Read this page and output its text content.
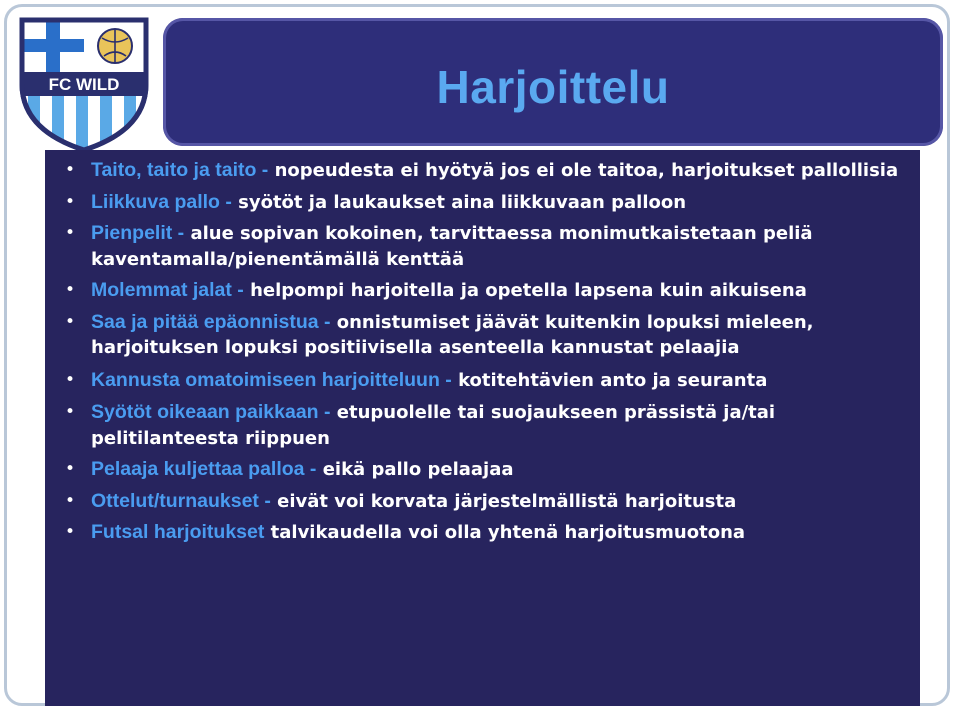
FC WILD	Harjoittelu
• Taito, taito ja taito - nopeudesta ei hyötyä jos ei ole taitoa, harjoitukset pallollisia
• Liikkuva pallo - syötöt ja laukaukset aina liikkuvaan palloon
• Pienpelit - alue sopivan kokoinen, tarvittaessa monimutkaistetaan peliä kaventamalla/pienentämällä kenttää
• Molemmat jalat - helpompi harjoitella ja opetella lapsena kuin aikuisena
• Saa ja pitää epäonnistua - onnistumiset jäävät kuitenkin lopuksi mieleen, harjoituksen lopuksi positiivisella asenteella kannustat pelaajia
• Kannusta omatoimiseen harjoitteluun - kotitehtävien anto ja seuranta
• Syötöt oikeaan paikkaan - etupuolelle tai suojaukseen prässistä ja/tai pelitilanteesta riippuen
• Pelaaja kuljettaa palloa - eikä pallo pelaajaa
• Ottelut/turnaukset - eivät voi korvata järjestelmällistä harjoitusta
• Futsal harjoitukset talvikaudella voi olla yhtenä harjoitusmuotona
